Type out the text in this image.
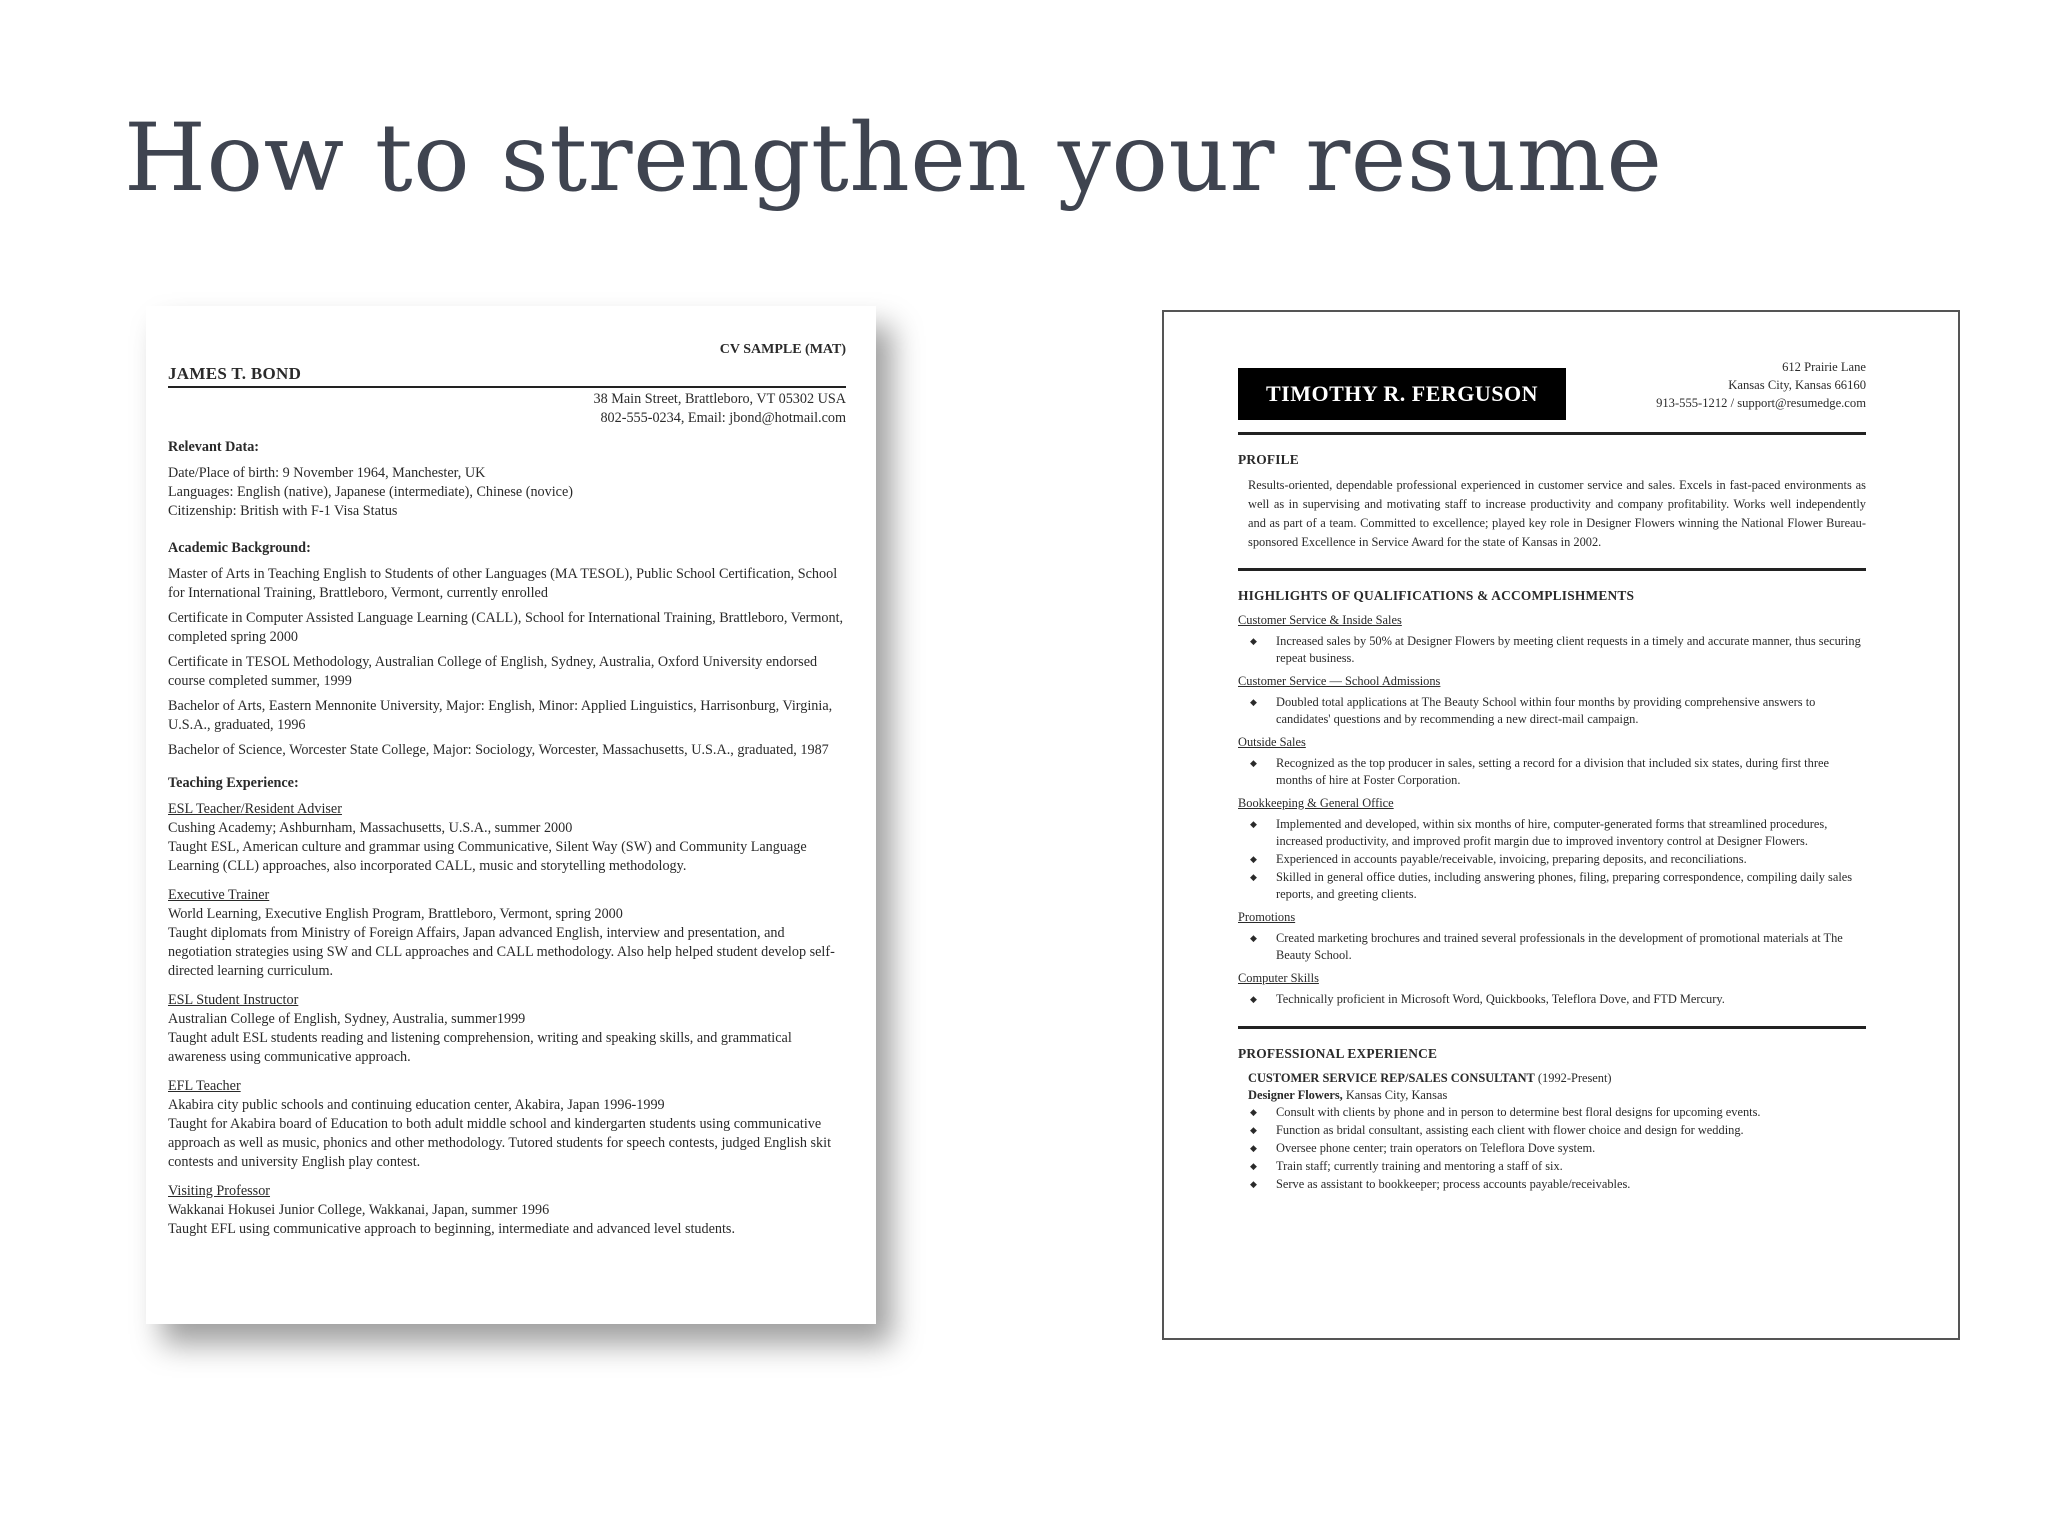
How to strengthen your resume
CV SAMPLE (MAT)
JAMES T. BOND

38 Main Street, Brattleboro, VT 05302 USA

802-555-0234, Email: jbond@hotmail.com

Relevant Data:

Date/Place of birth: 9 November 1964, Manchester, UK

Languages: English (native), Japanese (intermediate), Chinese (novice)

Citizenship: British with F-1 Visa Status

Academic Background:

Master of Arts in Teaching English to Students of other Languages (MA TESOL), Public School Certification, School for International Training, Brattleboro, Vermont, currently enrolled

Certificate in Computer Assisted Language Learning (CALL), School for International Training, Brattleboro, Vermont, completed spring 2000

Certificate in TESOL Methodology, Australian College of English, Sydney, Australia, Oxford University endorsed course completed summer, 1999

Bachelor of Arts, Eastern Mennonite University, Major: English, Minor: Applied Linguistics, Harrisonburg, Virginia, U.S.A., graduated, 1996

Bachelor of Science, Worcester State College, Major: Sociology, Worcester, Massachusetts, U.S.A., graduated, 1987

Teaching Experience:

ESL Teacher/Resident Adviser

Cushing Academy; Ashburnham, Massachusetts, U.S.A., summer 2000

Taught ESL, American culture and grammar using Communicative, Silent Way (SW) and Community Language Learning (CLL) approaches, also incorporated CALL, music and storytelling methodology.

Executive Trainer

World Learning, Executive English Program, Brattleboro, Vermont, spring 2000

Taught diplomats from Ministry of Foreign Affairs, Japan advanced English, interview and presentation, and negotiation strategies using SW and CLL approaches and CALL methodology. Also help helped student develop self-directed learning curriculum.

ESL Student Instructor

Australian College of English, Sydney, Australia, summer1999

Taught adult ESL students reading and listening comprehension, writing and speaking skills, and grammatical awareness using communicative approach.

EFL Teacher

Akabira city public schools and continuing education center, Akabira, Japan 1996-1999

Taught for Akabira board of Education to both adult middle school and kindergarten students using communicative approach as well as music, phonics and other methodology. Tutored students for speech contests, judged English skit contests and university English play contest.

Visiting Professor

Wakkanai Hokusei Junior College, Wakkanai, Japan, summer 1996

Taught EFL using communicative approach to beginning, intermediate and advanced level students.

TIMOTHY R. FERGUSON
612 Prairie Lane
Kansas City, Kansas 66160
913-555-1212 / support@resumedge.com
PROFILE
Results-oriented, dependable professional experienced in customer service and sales. Excels in fast-paced environments as well as in supervising and motivating staff to increase productivity and company profitability. Works well independently and as part of a team. Committed to excellence; played key role in Designer Flowers winning the National Flower Bureau-sponsored Excellence in Service Award for the state of Kansas in 2002.
HIGHLIGHTS OF QUALIFICATIONS & ACCOMPLISHMENTS
Customer Service & Inside Sales
◆ Increased sales by 50% at Designer Flowers by meeting client requests in a timely and accurate manner, thus securing repeat business.
Customer Service — School Admissions
◆ Doubled total applications at The Beauty School within four months by providing comprehensive answers to candidates' questions and by recommending a new direct-mail campaign.
Outside Sales
◆ Recognized as the top producer in sales, setting a record for a division that included six states, during first three months of hire at Foster Corporation.
Bookkeeping & General Office
◆ Implemented and developed, within six months of hire, computer-generated forms that streamlined procedures, increased productivity, and improved profit margin due to improved inventory control at Designer Flowers.
◆ Experienced in accounts payable/receivable, invoicing, preparing deposits, and reconciliations.
◆ Skilled in general office duties, including answering phones, filing, preparing correspondence, compiling daily sales reports, and greeting clients.
Promotions
◆ Created marketing brochures and trained several professionals in the development of promotional materials at The Beauty School.
Computer Skills
◆ Technically proficient in Microsoft Word, Quickbooks, Teleflora Dove, and FTD Mercury.
PROFESSIONAL EXPERIENCE
CUSTOMER SERVICE REP/SALES CONSULTANT (1992-Present)
Designer Flowers, Kansas City, Kansas
◆ Consult with clients by phone and in person to determine best floral designs for upcoming events.
◆ Function as bridal consultant, assisting each client with flower choice and design for wedding.
◆ Oversee phone center; train operators on Teleflora Dove system.
◆ Train staff; currently training and mentoring a staff of six.
◆ Serve as assistant to bookkeeper; process accounts payable/receivables.
